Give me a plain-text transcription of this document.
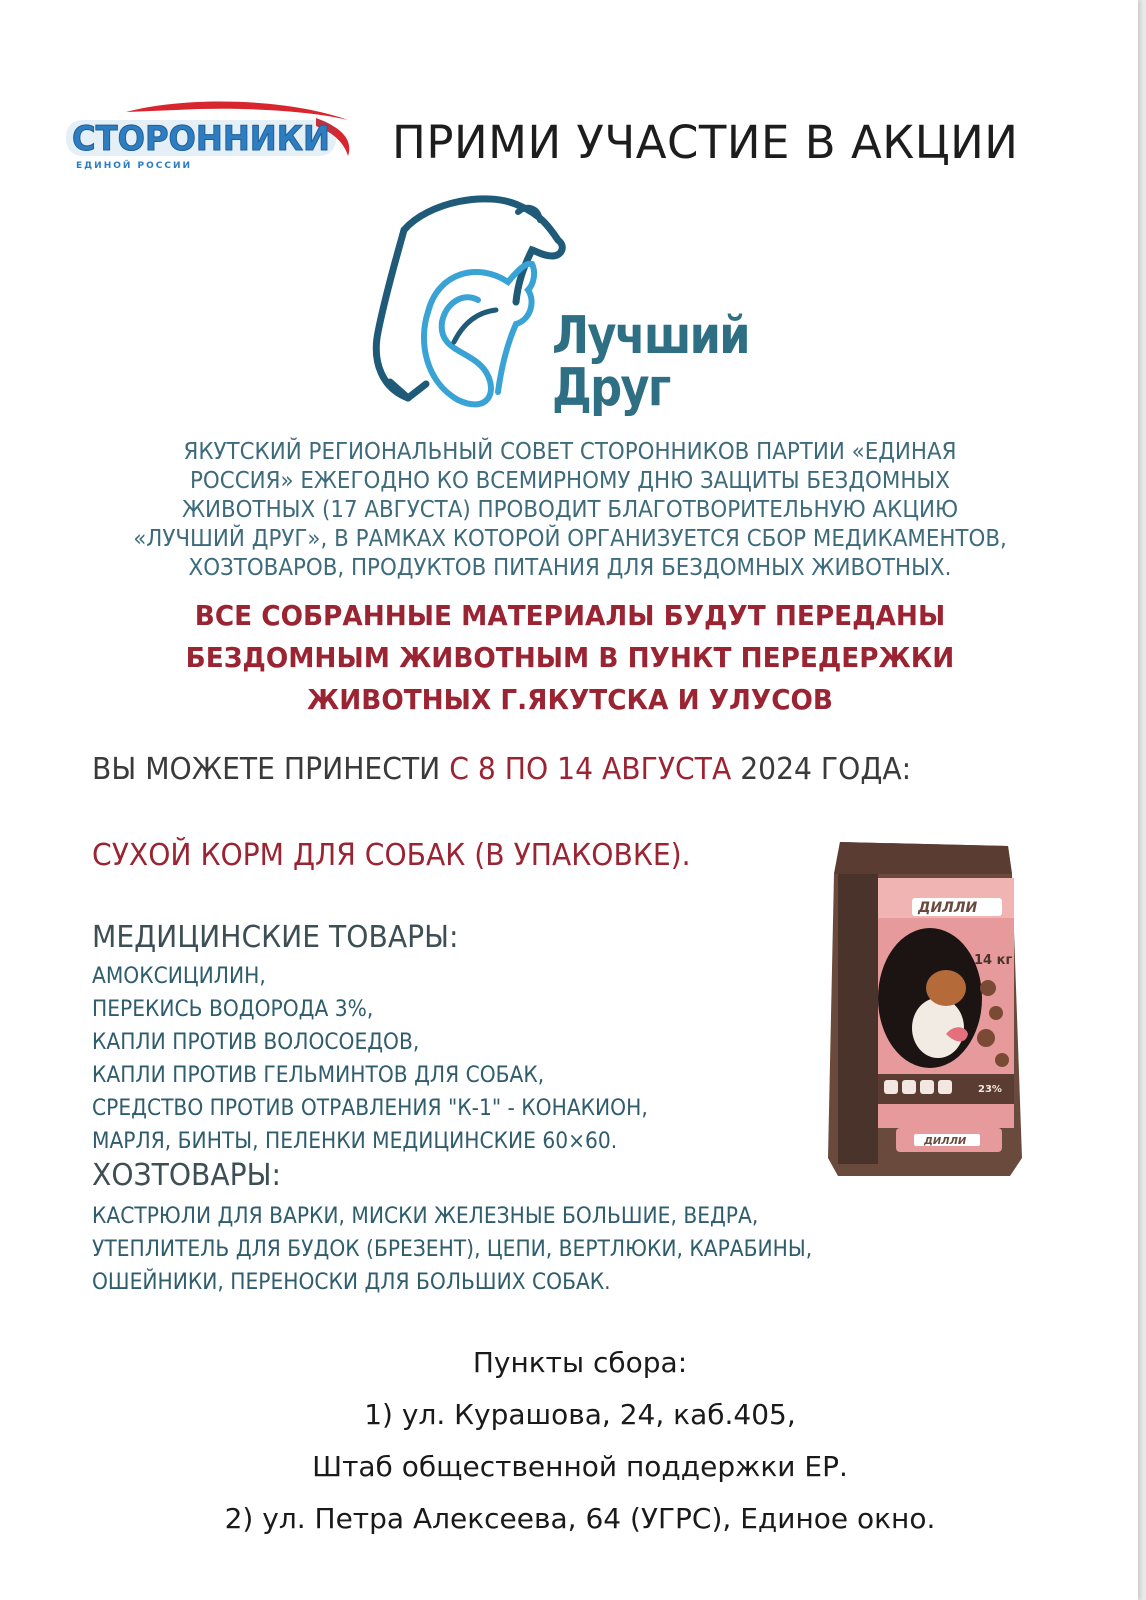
СТОРОННИКИ
ЕДИНОЙ РОССИИ	ПРИМИ УЧАСТИЕ В АКЦИИ
Лучший
Друг
ЯКУТСКИЙ РЕГИОНАЛЬНЫЙ СОВЕТ СТОРОННИКОВ ПАРТИИ «ЕДИНАЯ
РОССИЯ» ЕЖЕГОДНО КО ВСЕМИРНОМУ ДНЮ ЗАЩИТЫ БЕЗДОМНЫХ
ЖИВОТНЫХ (17 АВГУСТА) ПРОВОДИТ БЛАГОТВОРИТЕЛЬНУЮ АКЦИЮ
«ЛУЧШИЙ ДРУГ», В РАМКАХ КОТОРОЙ ОРГАНИЗУЕТСЯ СБОР МЕДИКАМЕНТОВ,
ХОЗТОВАРОВ, ПРОДУКТОВ ПИТАНИЯ ДЛЯ БЕЗДОМНЫХ ЖИВОТНЫХ.
ВСЕ СОБРАННЫЕ МАТЕРИАЛЫ БУДУТ ПЕРЕДАНЫ
БЕЗДОМНЫМ ЖИВОТНЫМ В ПУНКТ ПЕРЕДЕРЖКИ
ЖИВОТНЫХ Г.ЯКУТСКА И УЛУСОВ
ВЫ МОЖЕТЕ ПРИНЕСТИ С 8 ПО 14 АВГУСТА 2024 ГОДА:
СУХОЙ КОРМ ДЛЯ СОБАК (В УПАКОВКЕ).
МЕДИЦИНСКИЕ ТОВАРЫ:
АМОКСИЦИЛИН,
ПЕРЕКИСЬ ВОДОРОДА 3%,
КАПЛИ ПРОТИВ ВОЛОСОЕДОВ,
КАПЛИ ПРОТИВ ГЕЛЬМИНТОВ ДЛЯ СОБАК,
СРЕДСТВО ПРОТИВ ОТРАВЛЕНИЯ "К-1" - КОНАКИОН,
МАРЛЯ, БИНТЫ, ПЕЛЕНКИ МЕДИЦИНСКИЕ 60×60.
ХОЗТОВАРЫ:
КАСТРЮЛИ ДЛЯ ВАРКИ, МИСКИ ЖЕЛЕЗНЫЕ БОЛЬШИЕ, ВЕДРА,
УТЕПЛИТЕЛЬ ДЛЯ БУДОК (БРЕЗЕНТ), ЦЕПИ, ВЕРТЛЮКИ, КАРАБИНЫ,
ОШЕЙНИКИ, ПЕРЕНОСКИ ДЛЯ БОЛЬШИХ СОБАК.
Пункты сбора:
1) ул. Курашова, 24, каб.405,
Штаб общественной поддержки ЕР.
2) ул. Петра Алексеева, 64 (УГРС), Единое окно.
ДИЛЛИ
14 кг
23%
ДИЛЛИ
